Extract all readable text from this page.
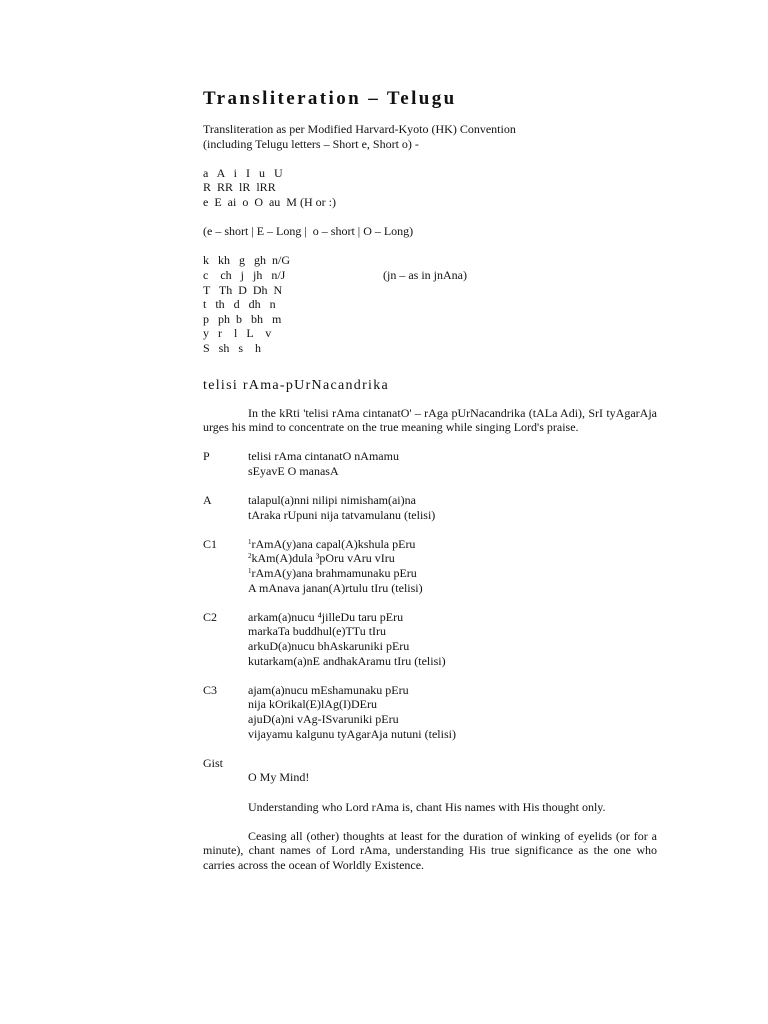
Transliteration – Telugu
_______________________________________________________
Transliteration as per Modified Harvard-Kyoto (HK) Convention
(including Telugu letters – Short e, Short o) -
a   A   i   I   u   U
R  RR  lR  lRR
e  E  ai  o  O  au  M (H or :)
(e – short | E – Long |  o – short | O – Long)
k   kh   g   gh  n/G
c    ch   j   jh   n/J
T   Th  D  Dh  N
t   th   d   dh   n
p   ph  b   bh   m
y   r    l   L    v
S   sh   s    h
(jn – as in jnAna)
telisi rAma-pUrNacandrika

In the kRti 'telisi rAma cintanatO' – rAga pUrNacandrika (tALa Adi), SrI tyAgarAja urges his mind to concentrate on the true meaning while singing Lord's praise.

P	telisi rAma cintanatO nAmamu
sEyavE O manasA
A	talapul(a)nni nilipi nimisham(ai)na
tAraka rUpuni nija tatvamulanu (telisi)
C1	$^1$rAmA(y)ana capal(A)kshula pEru
$^2$kAm(A)dula ³pOru vAru vIru
$^1$rAmA(y)ana brahmamunaku pEru
A mAnava janan(A)rtulu tIru (telisi)
C2	arkam(a)nucu ⁴jilleDu taru pEru
markaTa buddhul(e)TTu tIru
arkuD(a)nucu bhAskaruniki pEru
kutarkam(a)nE andhakAramu tIru (telisi)
C3	ajam(a)nucu mEshamunaku pEru
nija kOrikal(E)lAg(I)DEru
ajuD(a)ni vAg-ISvaruniki pEru
vijayamu kalgunu tyAgarAja nutuni (telisi)
Gist
O My Mind!

Understanding who Lord rAma is, chant His names with His thought only.

Ceasing all (other) thoughts at least for the duration of winking of eyelids (or for a minute), chant names of Lord rAma, understanding His true significance as the one who carries across the ocean of Worldly Existence.
